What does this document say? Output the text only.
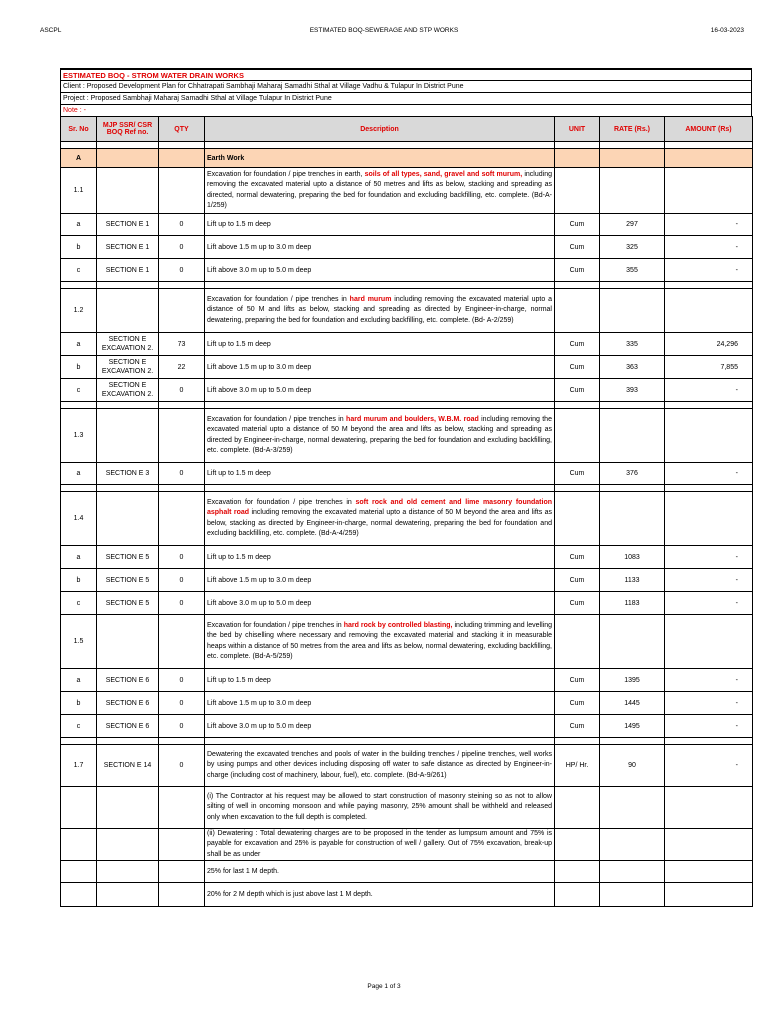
ASCPL	ESTIMATED BOQ-SEWERAGE AND STP WORKS	16-03-2023
ESTIMATED BOQ - STROM WATER DRAIN WORKS
Client : Proposed Development Plan for Chhatrapati Sambhaji Maharaj Samadhi Sthal at Village Vadhu & Tulapur In District Pune
Project : Proposed Sambhaji Maharaj Samadhi Sthal at Village Tulapur In District Pune
Note : -
Sr. No	MJP SSR/ CSR BOQ Ref no.	QTY	Description	UNIT	RATE (Rs.)	AMOUNT (Rs)

A			Earth Work			
1.1			Excavation for foundation / pipe trenches in earth, soils of all types, sand, gravel and soft murum, including removing the excavated material upto a distance of 50 metres and lifts as below, stacking and spreading as directed, normal dewatering, preparing the bed for foundation and excluding backfilling, etc. complete. (Bd-A-1/259)			
a	SECTION E 1	0	Lift up to 1.5 m deep	Cum	297	-
b	SECTION E 1	0	Lift above 1.5 m up to 3.0 m deep	Cum	325	-
c	SECTION E 1	0	Lift above 3.0 m up to 5.0 m deep	Cum	355	-

1.2			Excavation for foundation / pipe trenches in hard murum including removing the excavated material upto a distance of 50 M and lifts as below, stacking and spreading as directed by Engineer-in-charge, normal dewatering, preparing the bed for foundation and excluding backfilling, etc. complete. (Bd- A-2/259)			
a	SECTION E EXCAVATION 2.	73	Lift up to 1.5 m deep	Cum	335	24,296
b	SECTION E EXCAVATION 2.	22	Lift above 1.5 m up to 3.0 m deep	Cum	363	7,855
c	SECTION E EXCAVATION 2.	0	Lift above 3.0 m up to 5.0 m deep	Cum	393	-

1.3			Excavation for foundation / pipe trenches in hard murum and boulders, W.B.M. road including removing the excavated material upto a distance of 50 M beyond the area and lifts as below, stacking and spreading as directed by Engineer-in-charge, normal dewatering, preparing the bed for foundation and excluding backfilling, etc. complete. (Bd-A-3/259)			
a	SECTION E 3	0	Lift up to 1.5 m deep	Cum	376	-

1.4			Excavation for foundation / pipe trenches in soft rock and old cement and lime masonry foundation asphalt road including removing the excavated material upto a distance of 50 M beyond the area and lifts as below, stacking as directed by Engineer-in-charge, normal dewatering, preparing the bed for foundation and excluding backfilling, etc. complete. (Bd-A-4/259)			
a	SECTION E 5	0	Lift up to 1.5 m deep	Cum	1083	-
b	SECTION E 5	0	Lift above 1.5 m up to 3.0 m deep	Cum	1133	-
c	SECTION E 5	0	Lift above 3.0 m up to 5.0 m deep	Cum	1183	-
1.5			Excavation for foundation / pipe trenches in hard rock by controlled blasting, including trimming and levelling the bed by chiselling where necessary and removing the excavated material and stacking it in measurable heaps within a distance of 50 metres from the area and lifts as below, normal dewatering, excluding backfilling, etc. complete. (Bd-A-5/259)			
a	SECTION E 6	0	Lift up to 1.5 m deep	Cum	1395	-
b	SECTION E 6	0	Lift above 1.5 m up to 3.0 m deep	Cum	1445	-
c	SECTION E 6	0	Lift above 3.0 m up to 5.0 m deep	Cum	1495	-

1.7	SECTION E 14	0	Dewatering the excavated trenches and pools of water in the building trenches / pipeline trenches, well works by using pumps and other devices including disposing off water to safe distance as directed by Engineer-in-charge (including cost of machinery, labour, fuel), etc. complete. (Bd-A-9/261)	HP/ Hr.	90	-
			(i) The Contractor at his request may be allowed to start construction of masonry steining so as not to allow silting of well in oncoming monsoon and while paying masonry, 25% amount shall be withheld and released only when excavation to the full depth is completed.			
			(ii) Dewatering : Total dewatering charges are to be proposed in the tender as lumpsum amount and 75% is payable for excavation and 25% is payable for construction of well / gallery. Out of 75% excavation, break-up shall be as under			
			25% for last 1 M depth.			
			20% for 2 M depth which is just above last 1 M depth.			
Page 1 of 3
